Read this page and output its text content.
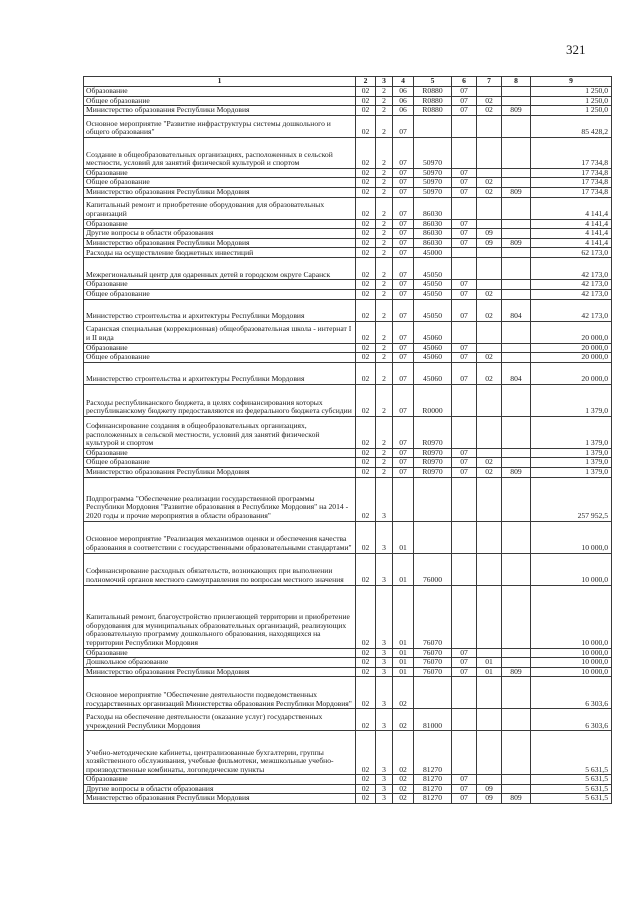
321
1	2	3	4	5	6	7	8	9
Образование	02	2	06	R0880	07			1 250,0
Общее образование	02	2	06	R0880	07	02		1 250,0
Министерство образования Республики Мордовия	02	2	06	R0880	07	02	809	1 250,0
Основное мероприятие "Развитие инфраструктуры системы дошкольного и общего образования"	02	2	07					85 428,2
Создание в общеобразовательных организациях, расположенных в сельской местности, условий для занятий физической культурой и спортом	02	2	07	50970				17 734,8
Образование	02	2	07	50970	07			17 734,8
Общее образование	02	2	07	50970	07	02		17 734,8
Министерство образования Республики Мордовия	02	2	07	50970	07	02	809	17 734,8
Капитальный ремонт и приобретение оборудования для образовательных организаций	02	2	07	86030				4 141,4
Образование	02	2	07	86030	07			4 141,4
Другие вопросы в области образования	02	2	07	86030	07	09		4 141,4
Министерство образования Республики Мордовия	02	2	07	86030	07	09	809	4 141,4
Расходы на осуществление бюджетных инвестиций	02	2	07	45000				62 173,0
Межрегиональный центр для одаренных детей в городском округе Саранск	02	2	07	45050				42 173,0
Образование	02	2	07	45050	07			42 173,0
Общее образование	02	2	07	45050	07	02		42 173,0
Министерство строительства и архитектуры Республики Мордовия	02	2	07	45050	07	02	804	42 173,0
Саранская специальная (коррекционная) общеобразовательная школа - интернат I и II вида	02	2	07	45060				20 000,0
Образование	02	2	07	45060	07			20 000,0
Общее образование	02	2	07	45060	07	02		20 000,0
Министерство строительства и архитектуры Республики Мордовия	02	2	07	45060	07	02	804	20 000,0
Расходы республиканского бюджета, в целях софинансирования которых республиканскому бюджету предоставляются из федерального бюджета субсидии	02	2	07	R0000				1 379,0
Софинансирование создания в общеобразовательных организациях, расположенных в сельской местности, условий для занятий физической культурой и спортом	02	2	07	R0970				1 379,0
Образование	02	2	07	R0970	07			1 379,0
Общее образование	02	2	07	R0970	07	02		1 379,0
Министерство образования Республики Мордовия	02	2	07	R0970	07	02	809	1 379,0
Подпрограмма "Обеспечение реализации государственной программы Республики Мордовия "Развитие образования в Республике Мордовия" на 2014 - 2020 годы и прочие мероприятия в области образования"	02	3						257 952,5
Основное мероприятие "Реализация механизмов оценки и обеспечения качества образования в соответствии с государственными образовательными стандартами"	02	3	01					10 000,0
Софинансирование расходных обязательств, возникающих при выполнении полномочий органов местного самоуправления по вопросам местного значения	02	3	01	76000				10 000,0
Капитальный ремонт, благоустройство прилегающей территории и приобретение оборудования для муниципальных образовательных организаций, реализующих образовательную программу дошкольного образования, находящихся на территории Республики Мордовия	02	3	01	76070				10 000,0
Образование	02	3	01	76070	07			10 000,0
Дошкольное образование	02	3	01	76070	07	01		10 000,0
Министерство образования Республики Мордовия	02	3	01	76070	07	01	809	10 000,0
Основное мероприятие "Обеспечение деятельности подведомственных государственных организаций Министерства образования Республики Мордовия"	02	3	02					6 303,6
Расходы на обеспечение деятельности (оказание услуг) государственных учреждений Республики Мордовия	02	3	02	81000				6 303,6
Учебно-методические кабинеты, централизованные бухгалтерии, группы хозяйственного обслуживания, учебные фильмотеки, межшкольные учебно-производственные комбинаты, логопедические пункты	02	3	02	81270				5 631,5
Образование	02	3	02	81270	07			5 631,5
Другие вопросы в области образования	02	3	02	81270	07	09		5 631,5
Министерство образования Республики Мордовия	02	3	02	81270	07	09	809	5 631,5
